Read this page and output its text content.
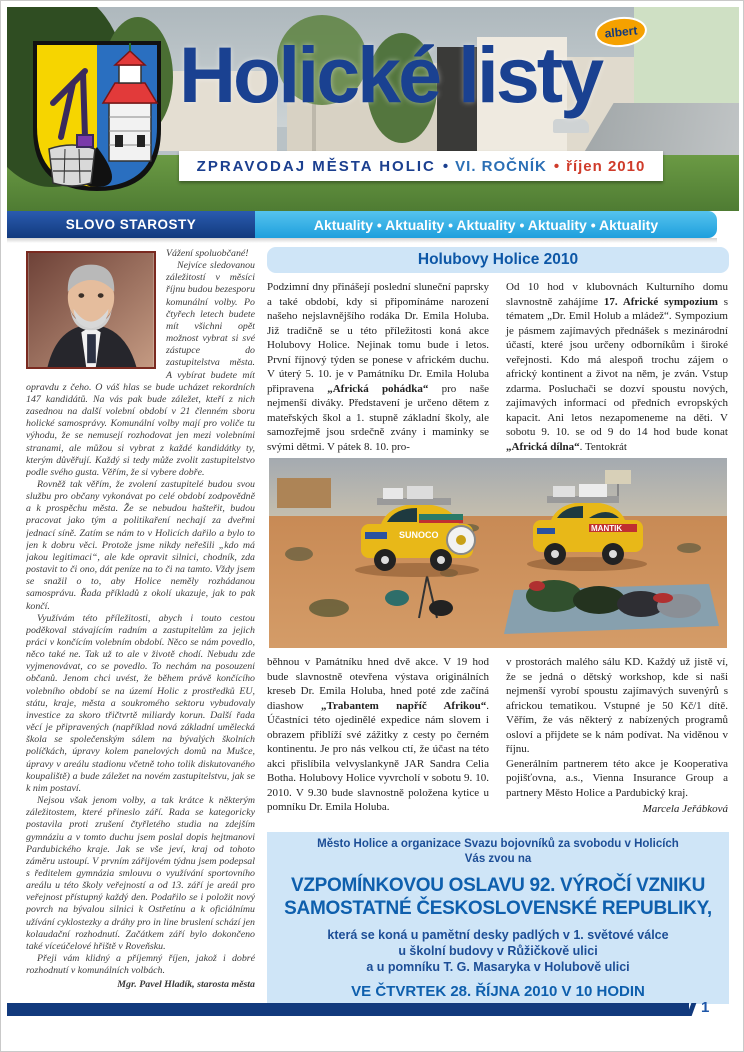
albert
Holické listy
ZPRAVODAJ MĚSTA HOLIC • VI. ROČNÍK • říjen 2010
SLOVO STAROSTY	Aktuality • Aktuality • Aktuality • Aktuality • Aktuality

Vážení spoluobčané!

Nejvíce sledovanou záležitostí v měsíci říjnu budou bezesporu komunální volby. Po čtyřech letech budete mít všichni opět možnost vybrat si své zástupce do zastupitelstva města. A vybírat budete mít opravdu z čeho. O váš hlas se bude ucházet rekordních 147 kandidátů. Na vás pak bude záležet, kteří z nich zasednou na další volební období v 21 členném sboru holické samosprávy. Komunální volby mají pro voliče tu výhodu, že se nemusejí rozhodovat jen mezi volebními stranami, ale můžou si vybrat z každé kandidátky ty, kterým důvěřují. Každý si tedy může zvolit zastupitelstvo podle svého gusta. Věřím, že si vybere dobře.

Rovněž tak věřím, že zvolení zastupitelé budou svou službu pro občany vykonávat po celé období zodpovědně a k prospěchu města. Že se nebudou hašteřit, budou pracovat jako tým a politikaření nechají za dveřmi jednací síně. Zatím se nám to v Holicích dařilo a bylo to jen k dobru věci. Protože jsme nikdy neřešili „kdo má jakou legitimaci“, ale kde opravit silnici, chodník, zda postavit to či ono, dát peníze na to či na tamto. Vždy jsem se snažil o to, aby Holice neměly rozhádanou samosprávu. Řada příkladů z okolí ukazuje, jak to pak končí.

Využívám této příležitosti, abych i touto cestou poděkoval stávajícím radním a zastupitelům za jejich práci v končícím volebním období. Něco se nám povedlo, něco také ne. Tak už to ale v životě chodí. Nebudu zde vyjmenovávat, co se povedlo. To nechám na posouzení občanů. Jenom chci uvést, že během právě končícího volebního období se na území Holic z prostředků EU, státu, kraje, města a soukromého sektoru vybudovaly investice za skoro třičtvrtě miliardy korun. Další řada věcí je připravených (například nová základní umělecká škola se společenským sálem na bývalých školních políčkách, úpravy kolem panelových domů na Mušce, úpravy v areálu stadionu včetně toho tolik diskutovaného koupaliště) a bude záležet na novém zastupitelstvu, jak se k nim postaví.

Nejsou však jenom volby, a tak krátce k některým záležitostem, které přineslo září. Rada se kategoricky postavila proti zrušení čtyřletého studia na zdejším gymnáziu a v tomto duchu jsem poslal dopis hejtmanovi Pardubického kraje. Jak se vše jeví, kraj od tohoto záměru ustoupí. V prvním zářijovém týdnu jsem podepsal s ředitelem gymnázia smlouvu o využívání sportovního areálu u této školy veřejností a od 13. září je areál pro veřejnost přístupný každý den. Podařilo se i položit nový povrch na bývalou silnici k Ostřetínu a k oficiálnímu užívání cyklostezky a dráhy pro in line bruslení schází jen kolaudační rozhodnutí. Začátkem září bylo dokončeno také víceúčelové hřiště v Roveňsku.

Přeji vám klidný a příjemný říjen, jakož i dobré rozhodnutí v komunálních volbách.

Mgr. Pavel Hladík, starosta města

Holubovy Holice 2010
Podzimní dny přinášejí poslední sluneční paprsky a také období, kdy si připomínáme narození našeho nejslavnějšího rodáka Dr. Emila Holuba. Již tradičně se u této příležitosti koná akce Holubovy Holice. Nejinak tomu bude i letos. První říjnový týden se ponese v africkém duchu. V úterý 5. 10. je v Památníku Dr. Emila Holuba připravena „Africká pohádka“ pro naše nejmenší diváky. Představení je určeno dětem z mateřských škol a 1. stupně základní školy, ale samozřejmě jsou srdečně zvány i maminky se svými dětmi. V pátek 8. 10. pro-
Od 10 hod v klubovnách Kulturního domu slavnostně zahájíme 17. Africké sympozium s tématem „Dr. Emil Holub a mládež“. Sympozium je pásmem zajímavých přednášek s mezinárodní účastí, které jsou určeny odborníkům i široké veřejnosti. Kdo má alespoň trochu zájem o africký kontinent a život na něm, je zván. Vstup zdarma. Posluchači se dozví spoustu nových, zajímavých informací od předních evropských kapacit. Ani letos nezapomeneme na děti. V sobotu 9. 10. se od 9 do 14 hod bude konat „Africká dílna“. Tentokrát
SUNOCO
MANTIK
běhnou v Památníku hned dvě akce. V 19 hod bude slavnostně otevřena výstava originálních kreseb Dr. Emila Holuba, hned poté zde začíná diashow „Trabantem napříč Afrikou“. Účastníci této ojedinělé expedice nám slovem i obrazem přiblíží své zážitky z cesty po černém kontinentu. Je pro nás velkou ctí, že účast na této akci přislíbila velvyslankyně JAR Sandra Celia Botha. Holubovy Holice vyvrcholí v sobotu 9. 10. 2010. V 9.30 bude slavnostně položena kytice u pomníku Dr. Emila Holuba.
v prostorách malého sálu KD. Každý už jistě ví, že se jedná o dětský workshop, kde si naši nejmenší vyrobí spoustu zajímavých suvenýrů s africkou tematikou. Vstupné je 50 Kč/1 dítě. Věřím, že vás některý z nabízených programů osloví a přijdete se k nám podívat. Na viděnou v říjnu.
Generálním partnerem této akce je Kooperativa pojišťovna, a.s., Vienna Insurance Group a partnery Město Holice a Pardubický kraj.
Marcela Jeřábková
Město Holice a organizace Svazu bojovníků za svobodu v Holicích
Vás zvou na
VZPOMÍNKOVOU OSLAVU 92. VÝROČÍ VZNIKU
SAMOSTATNÉ ČESKOSLOVENSKÉ REPUBLIKY,
která se koná u pamětní desky padlých v 1. světové válce
u školní budovy v Růžičkově ulici
a u pomníku T. G. Masaryka v Holubově ulici
VE ČTVRTEK 28. ŘÍJNA 2010 V 10 HODIN
1
